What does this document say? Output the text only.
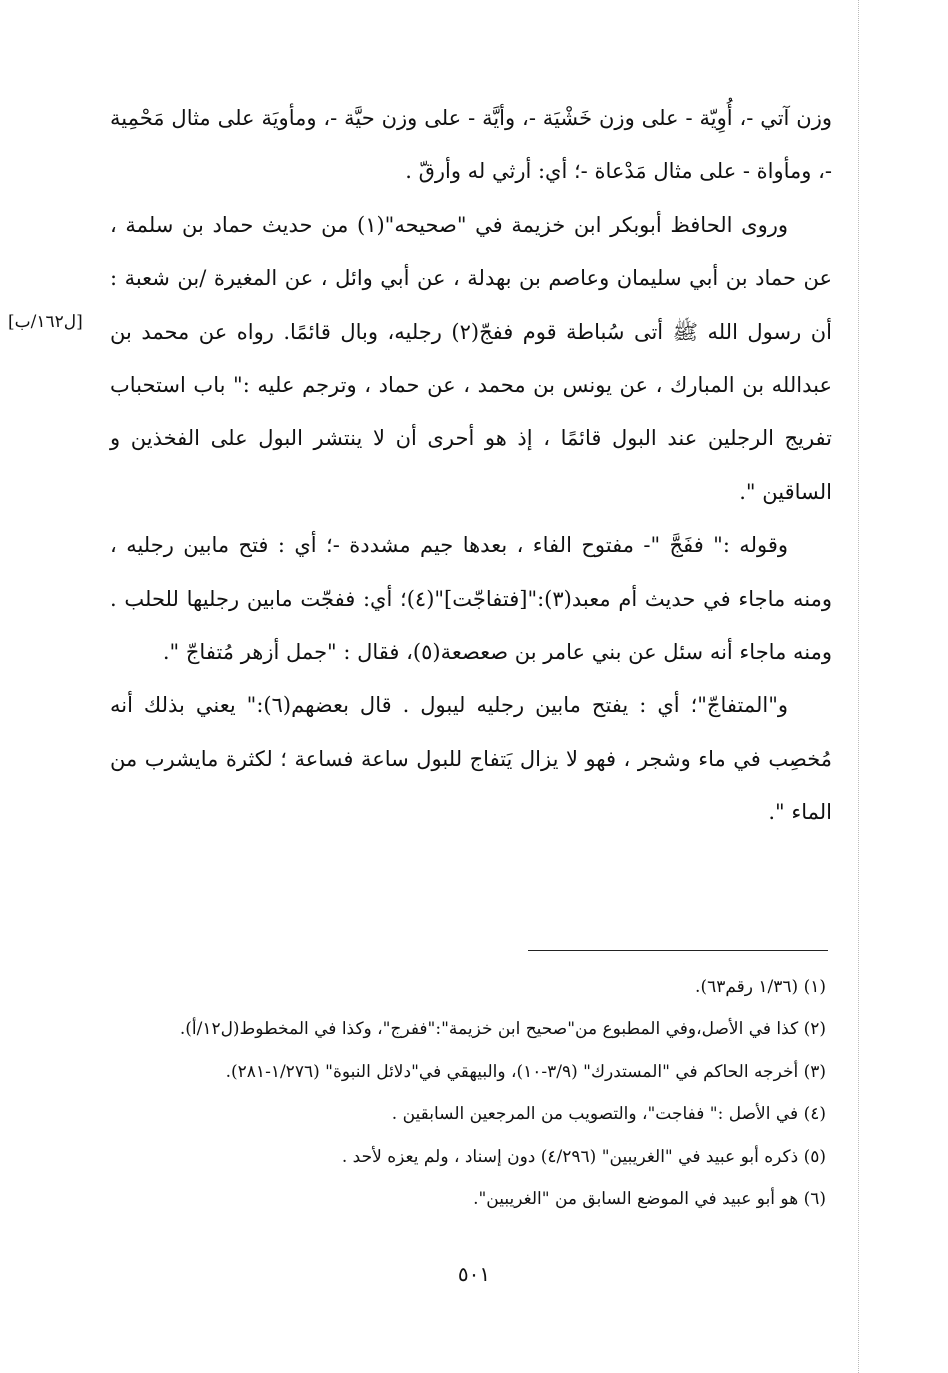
[ل١٦٢/ب]

وزن آتي -، أُوِيّة - على وزن خَشْيَة -، وأيَّة - على وزن حيَّة -، ومأويَة على مثال مَحْمِية -، ومأواة - على مثال مَدْعاة -؛ أي: أرثي له وأرقّ .

وروى الحافظ أبوبكر ابن خزيمة في "صحيحه"(١) من حديث حماد بن سلمة ، عن حماد بن أبي سليمان وعاصم بن بهدلة ، عن أبي وائل ، عن المغيرة /بن شعبة : أن رسول الله ﷺ أتى سُباطة قوم ففجّ(٢) رجليه، وبال قائمًا. رواه عن محمد بن عبدالله بن المبارك ، عن يونس بن محمد ، عن حماد ، وترجم عليه :" باب استحباب تفريج الرجلين عند البول قائمًا ، إذ هو أحرى أن لا ينتشر البول على الفخذين و الساقين ".

وقوله :" ففَجَّ "- مفتوح الفاء ، بعدها جيم مشددة -؛ أي : فتح مابين رجليه ، ومنه ماجاء في حديث أم معبد(٣):"[فتفاجّت]"(٤)؛ أي: ففجّت مابين رجليها للحلب . ومنه ماجاء أنه سئل عن بني عامر بن صعصعة(٥)، فقال : "جمل أزهر مُتفاجّ ".

و"المتفاجّ"؛ أي : يفتح مابين رجليه ليبول . قال بعضهم(٦):" يعني بذلك أنه مُخصِب في ماء وشجر ، فهو لا يزال يَتفاج للبول ساعة فساعة ؛ لكثرة مايشرب من الماء ".

(١) (١/٣٦ رقم٦٣).

(٢) كذا في الأصل،وفي المطبوع من"صحيح ابن خزيمة":"ففرج"، وكذا في المخطوط(ل١٢/أ).

(٣) أخرجه الحاكم في "المستدرك" (٣/٩-١٠)، والبيهقي في"دلائل النبوة" (١/٢٧٦-٢٨١).

(٤) في الأصل :" ففاجت"، والتصويب من المرجعين السابقين .

(٥) ذكره أبو عبيد في "الغريبين" (٤/٢٩٦) دون إسناد ، ولم يعزه لأحد .

(٦) هو أبو عبيد في الموضع السابق من "الغريبين".

٥٠١
